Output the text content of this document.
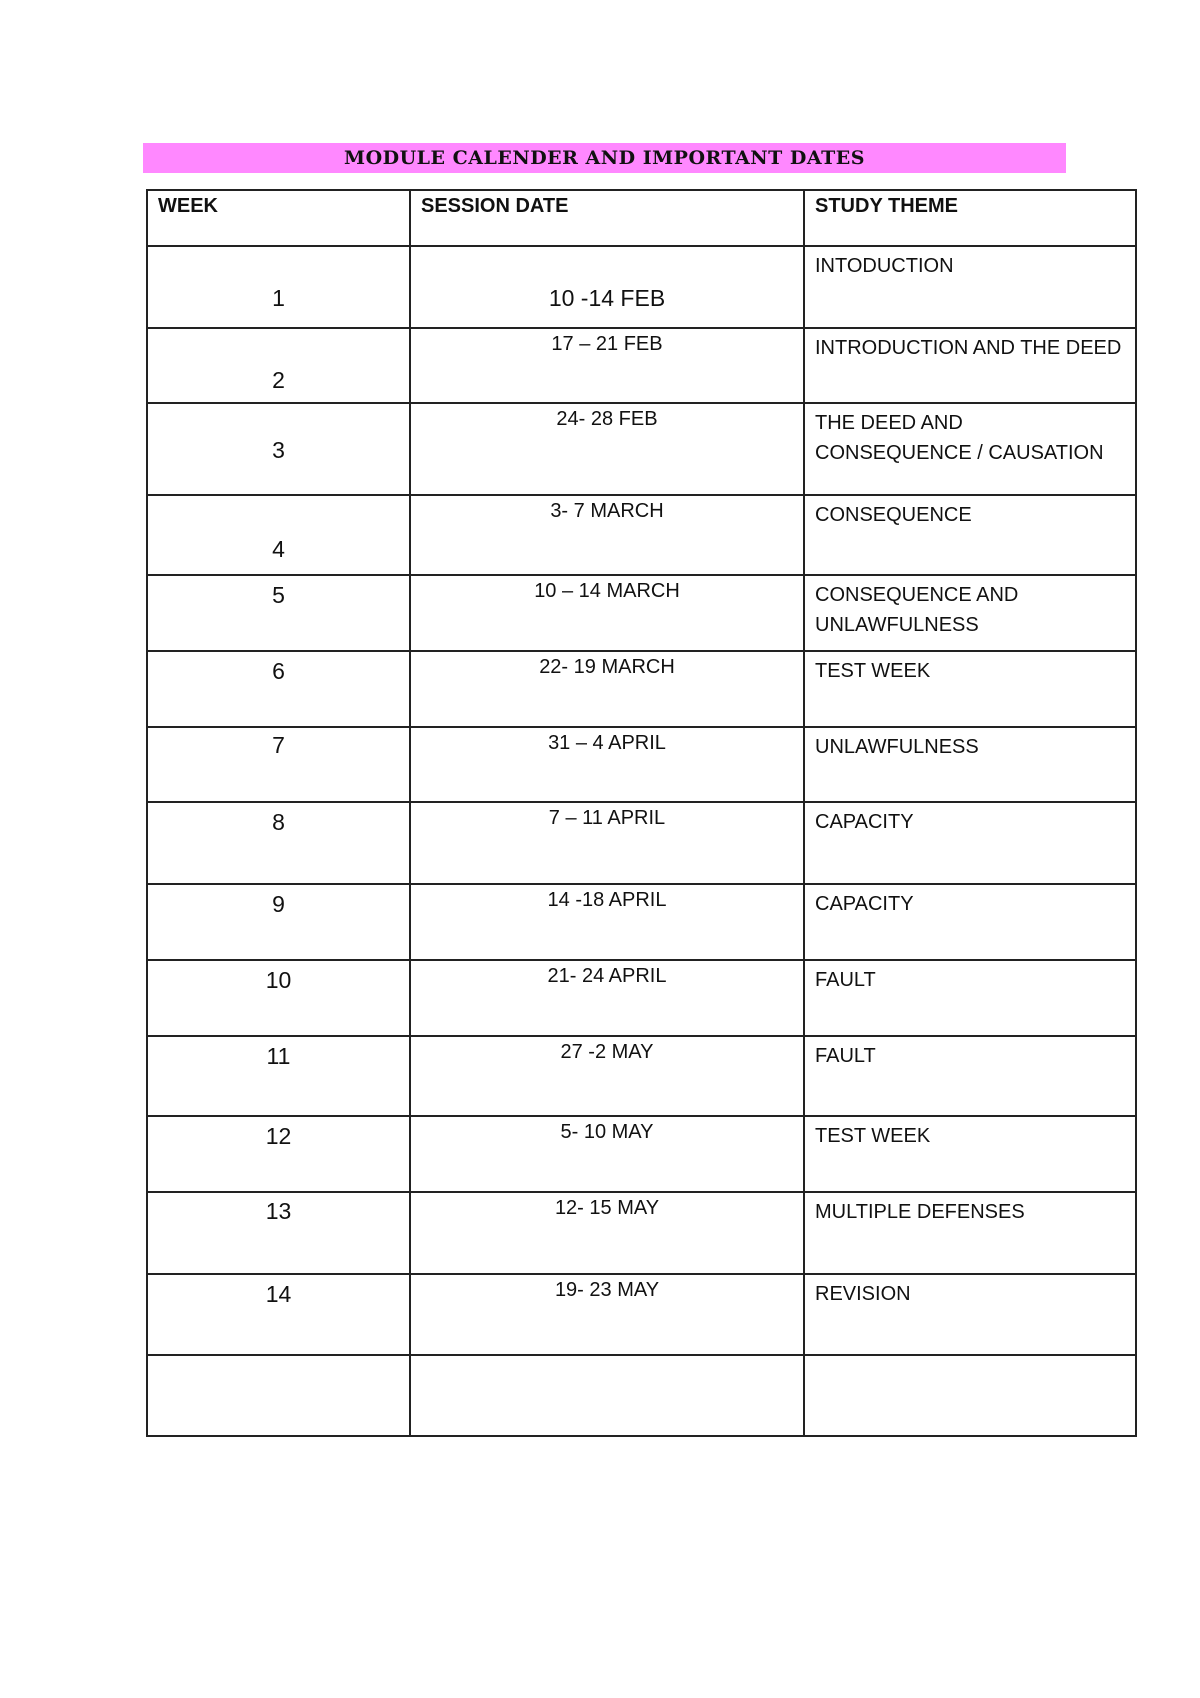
MODULE CALENDER AND IMPORTANT DATES
WEEK	SESSION DATE	STUDY THEME

1	10 -14 FEB	INTODUCTION

2	17 – 21 FEB	INTRODUCTION AND THE DEED

3	24- 28 FEB	THE DEED AND CONSEQUENCE / CAUSATION

4	3- 7 MARCH	CONSEQUENCE

5	10 – 14 MARCH	CONSEQUENCE AND UNLAWFULNESS

6	22- 19 MARCH	TEST WEEK

7	31 – 4 APRIL	UNLAWFULNESS

8	7 – 11 APRIL	CAPACITY

9	14 -18 APRIL	CAPACITY

10	21- 24 APRIL	FAULT

11	27 -2 MAY	FAULT

12	5- 10 MAY	TEST WEEK

13	12- 15 MAY	MULTIPLE DEFENSES

14	19- 23 MAY	REVISION
